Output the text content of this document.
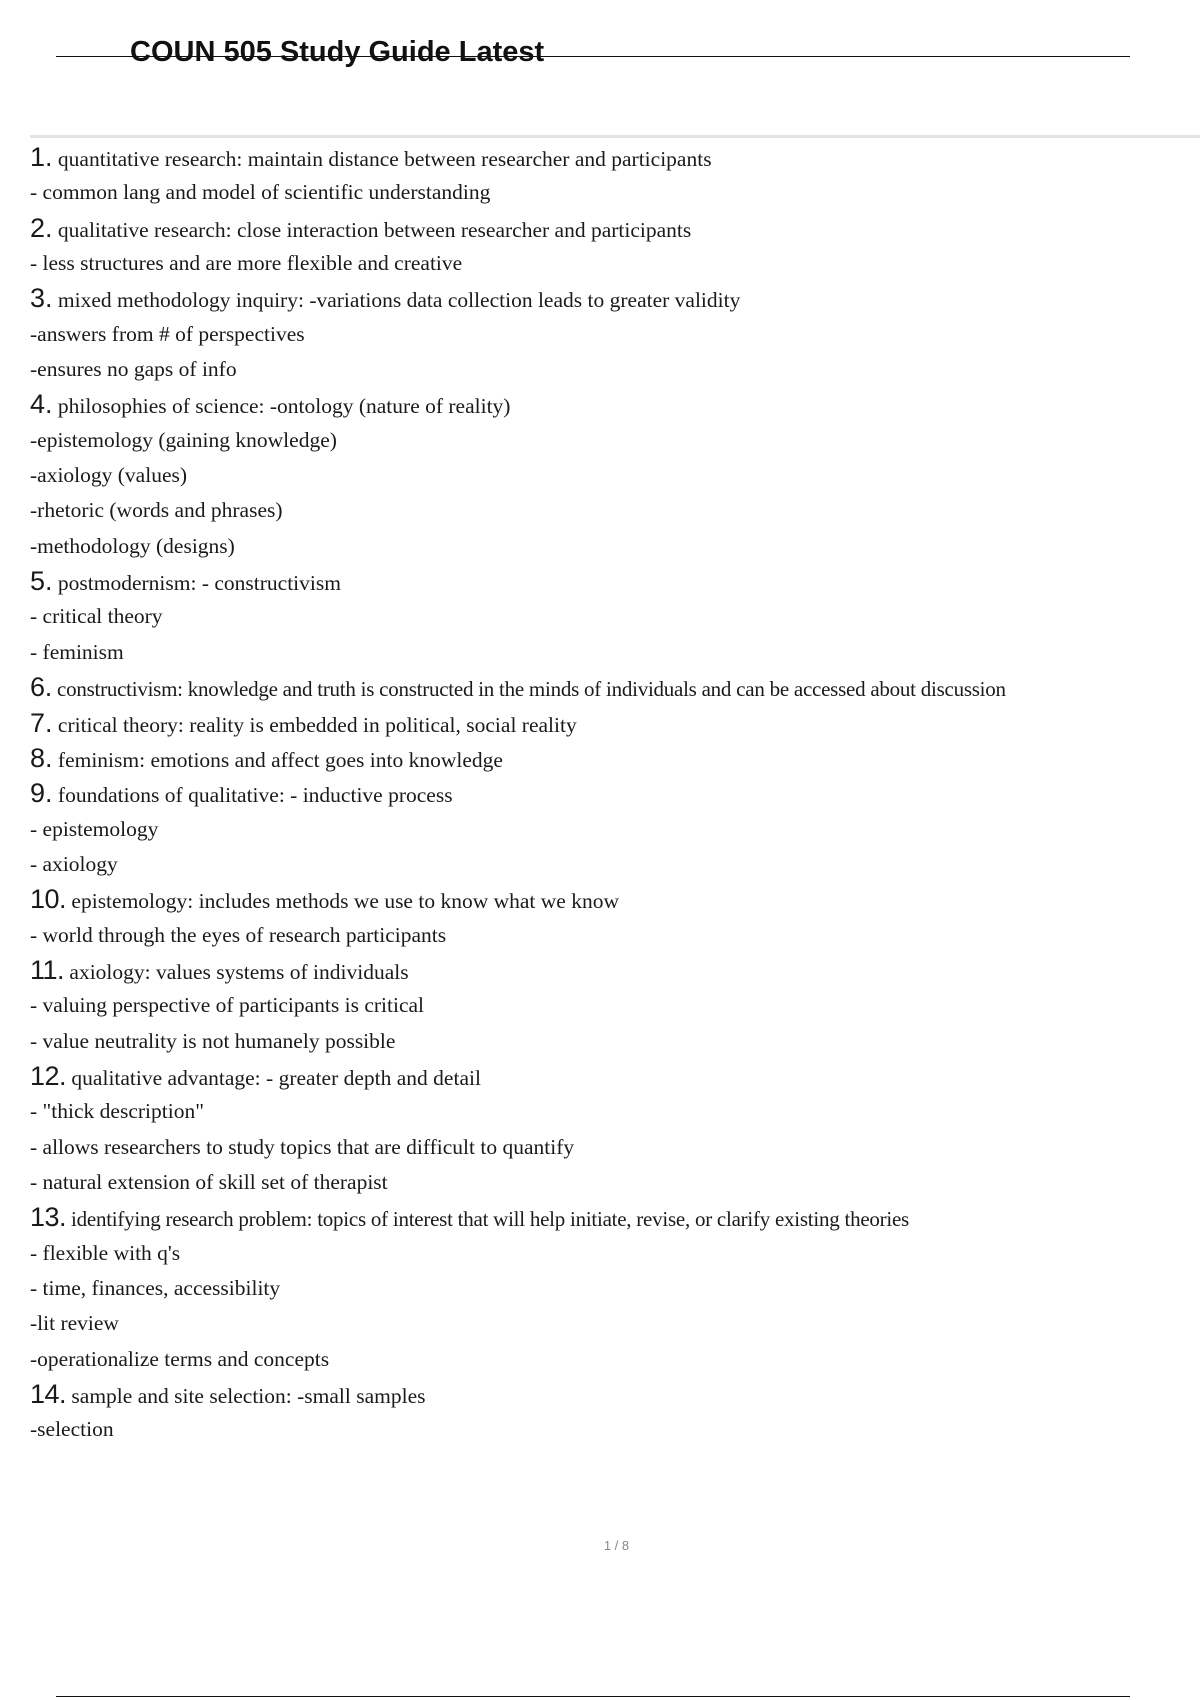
COUN 505 Study Guide Latest
1. quantitative research: maintain distance between researcher and participants
- common lang and model of scientific understanding
2. qualitative research: close interaction between researcher and participants
- less structures and are more flexible and creative
3. mixed methodology inquiry: -variations data collection leads to greater validity
-answers from # of perspectives
-ensures no gaps of info
4. philosophies of science: -ontology (nature of reality)
-epistemology (gaining knowledge)
-axiology (values)
-rhetoric (words and phrases)
-methodology (designs)
5. postmodernism: - constructivism
- critical theory
- feminism
6. constructivism: knowledge and truth is constructed in the minds of individuals and can be accessed about discussion
7. critical theory: reality is embedded in political, social reality
8. feminism: emotions and affect goes into knowledge
9. foundations of qualitative: - inductive process
- epistemology
- axiology
10. epistemology: includes methods we use to know what we know
- world through the eyes of research participants
11. axiology: values systems of individuals
- valuing perspective of participants is critical
- value neutrality is not humanely possible
12. qualitative advantage: - greater depth and detail
- "thick description"
- allows researchers to study topics that are difficult to quantify
- natural extension of skill set of therapist
13. identifying research problem: topics of interest that will help initiate, revise, or clarify existing theories
- flexible with q's
- time, finances, accessibility
-lit review
-operationalize terms and concepts
14. sample and site selection: -small samples
-selection
1 / 8
